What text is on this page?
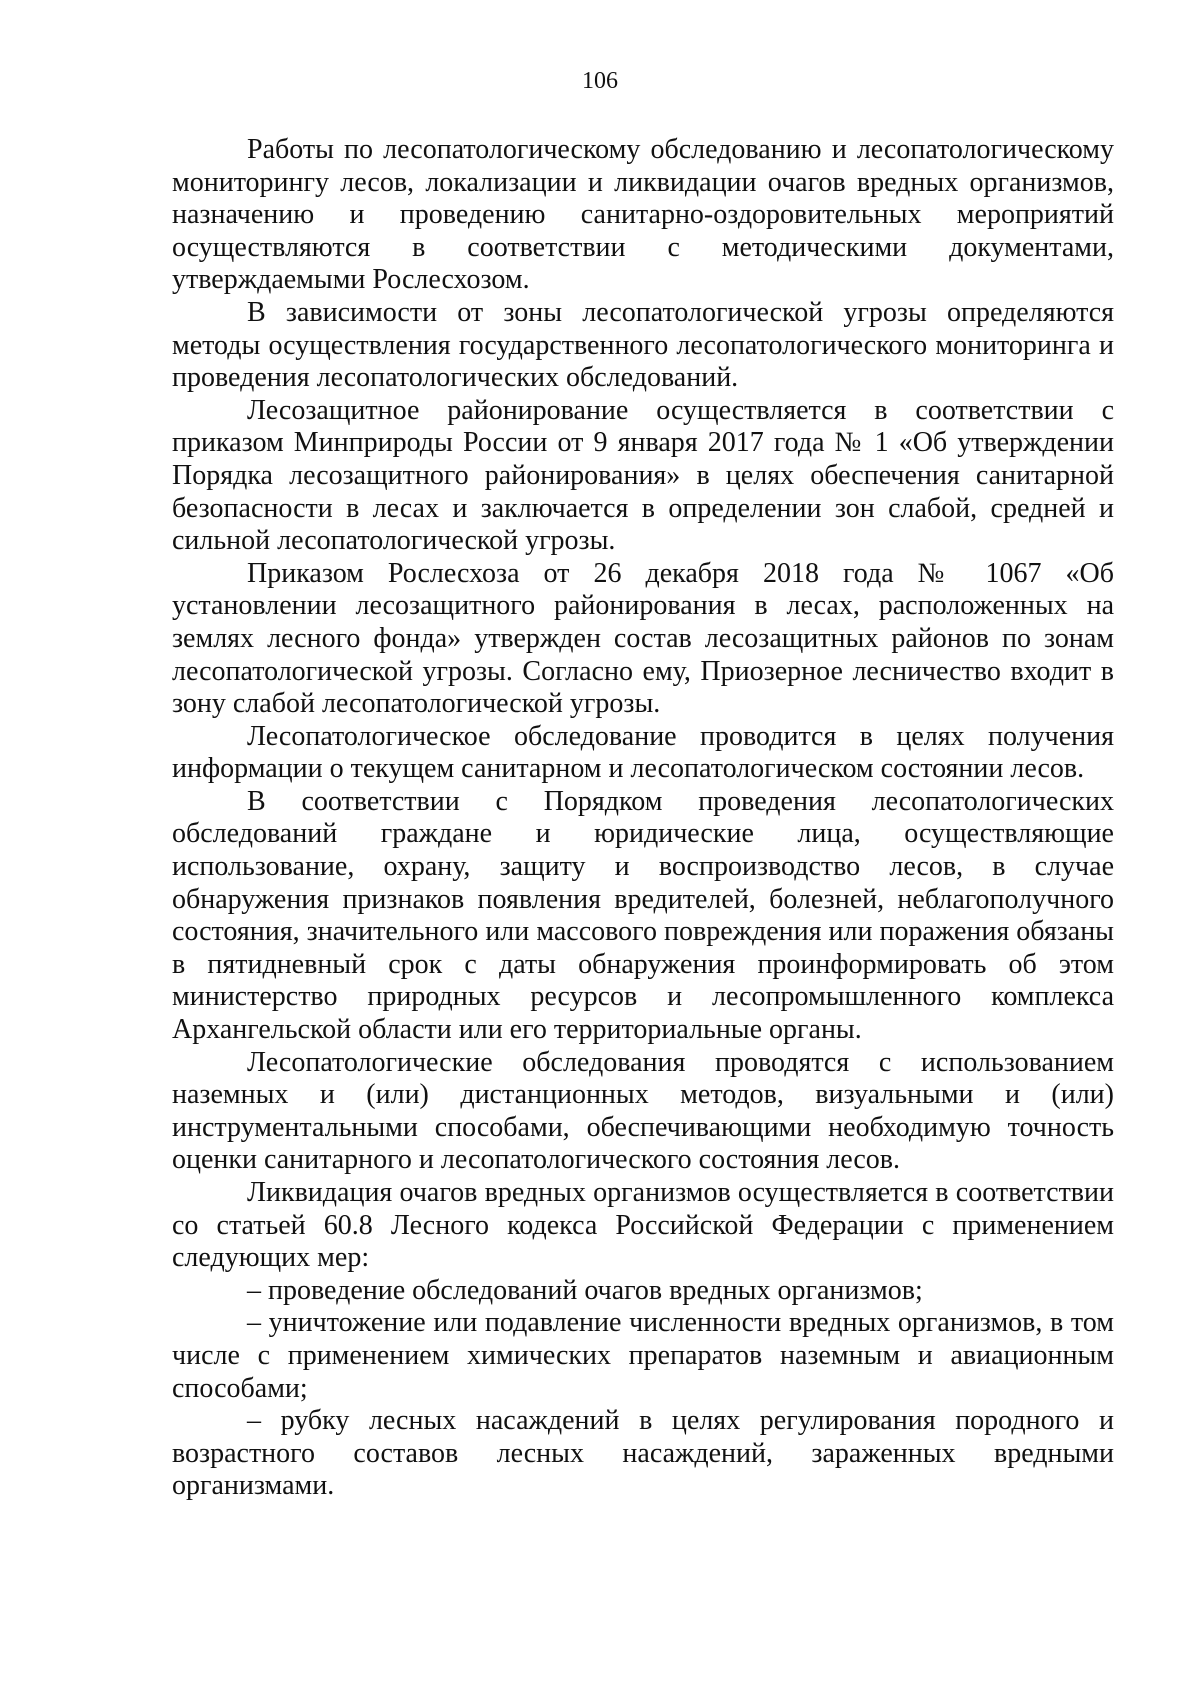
106

Работы по лесопатологическому обследованию и лесопатологическому мониторингу лесов, локализации и ликвидации очагов вредных организмов, назначению и проведению санитарно-оздоровительных мероприятий осуществляются в соответствии с методическими документами, утверждаемыми Рослесхозом.

В зависимости от зоны лесопатологической угрозы определяются методы осуществления государственного лесопатологического мониторинга и проведения лесопатологических обследований.

Лесозащитное районирование осуществляется в соответствии с приказом Минприроды России от 9 января 2017 года № 1 «Об утверждении Порядка лесозащитного районирования» в целях обеспечения санитарной безопасности в лесах и заключается в определении зон слабой, средней и сильной лесопатологической угрозы.

Приказом Рослесхоза от 26 декабря 2018 года № 1067 «Об установлении лесозащитного районирования в лесах, расположенных на землях лесного фонда» утвержден состав лесозащитных районов по зонам лесопатологической угрозы. Согласно ему, Приозерное лесничество входит в зону слабой лесопатологической угрозы.

Лесопатологическое обследование проводится в целях получения информации о текущем санитарном и лесопатологическом состоянии лесов.

В соответствии с Порядком проведения лесопатологических обследований граждане и юридические лица, осуществляющие использование, охрану, защиту и воспроизводство лесов, в случае обнаружения признаков появления вредителей, болезней, неблагополучного состояния, значительного или массового повреждения или поражения обязаны в пятидневный срок с даты обнаружения проинформировать об этом министерство природных ресурсов и лесопромышленного комплекса Архангельской области или его территориальные органы.

Лесопатологические обследования проводятся с использованием наземных и (или) дистанционных методов, визуальными и (или) инструментальными способами, обеспечивающими необходимую точность оценки санитарного и лесопатологического состояния лесов.

Ликвидация очагов вредных организмов осуществляется в соответствии со статьей 60.8 Лесного кодекса Российской Федерации с применением следующих мер:

– проведение обследований очагов вредных организмов;

– уничтожение или подавление численности вредных организмов, в том числе с применением химических препаратов наземным и авиационным способами;

– рубку лесных насаждений в целях регулирования породного и возрастного составов лесных насаждений, зараженных вредными организмами.
